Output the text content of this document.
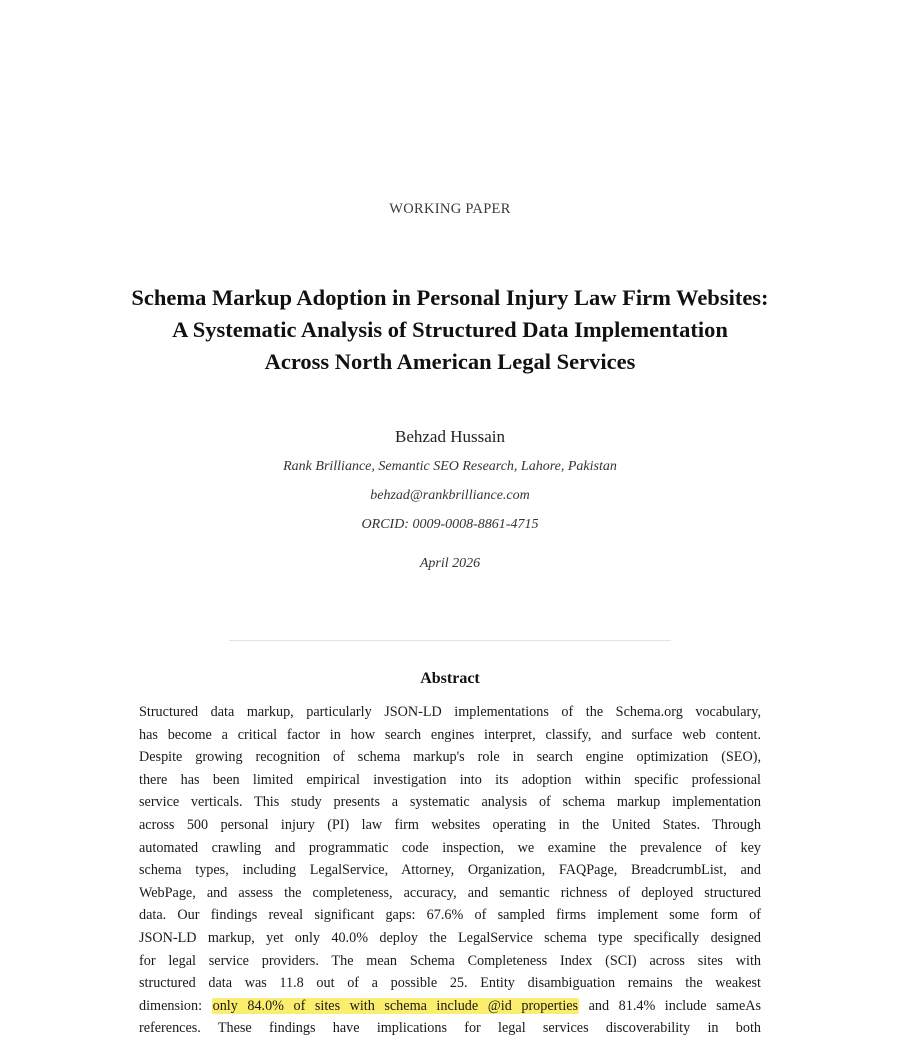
WORKING PAPER
Schema Markup Adoption in Personal Injury Law Firm Websites:
A Systematic Analysis of Structured Data Implementation
Across North American Legal Services
Behzad Hussain
Rank Brilliance, Semantic SEO Research, Lahore, Pakistan
behzad@rankbrilliance.com
ORCID: 0009-0008-8861-4715
April 2026
Abstract
Structured data markup, particularly JSON-LD implementations of the Schema.org vocabulary,
has become a critical factor in how search engines interpret, classify, and surface web content.
Despite growing recognition of schema markup's role in search engine optimization (SEO),
there has been limited empirical investigation into its adoption within specific professional
service verticals. This study presents a systematic analysis of schema markup implementation
across 500 personal injury (PI) law firm websites operating in the United States. Through
automated crawling and programmatic code inspection, we examine the prevalence of key
schema types, including LegalService, Attorney, Organization, FAQPage, BreadcrumbList, and
WebPage, and assess the completeness, accuracy, and semantic richness of deployed structured
data. Our findings reveal significant gaps: 67.6% of sampled firms implement some form of
JSON-LD markup, yet only 40.0% deploy the LegalService schema type specifically designed
for legal service providers. The mean Schema Completeness Index (SCI) across sites with
structured data was 11.8 out of a possible 25. Entity disambiguation remains the weakest
dimension: only 84.0% of sites with schema include @id properties and 81.4% include sameAs
references. These findings have implications for legal services discoverability in both
